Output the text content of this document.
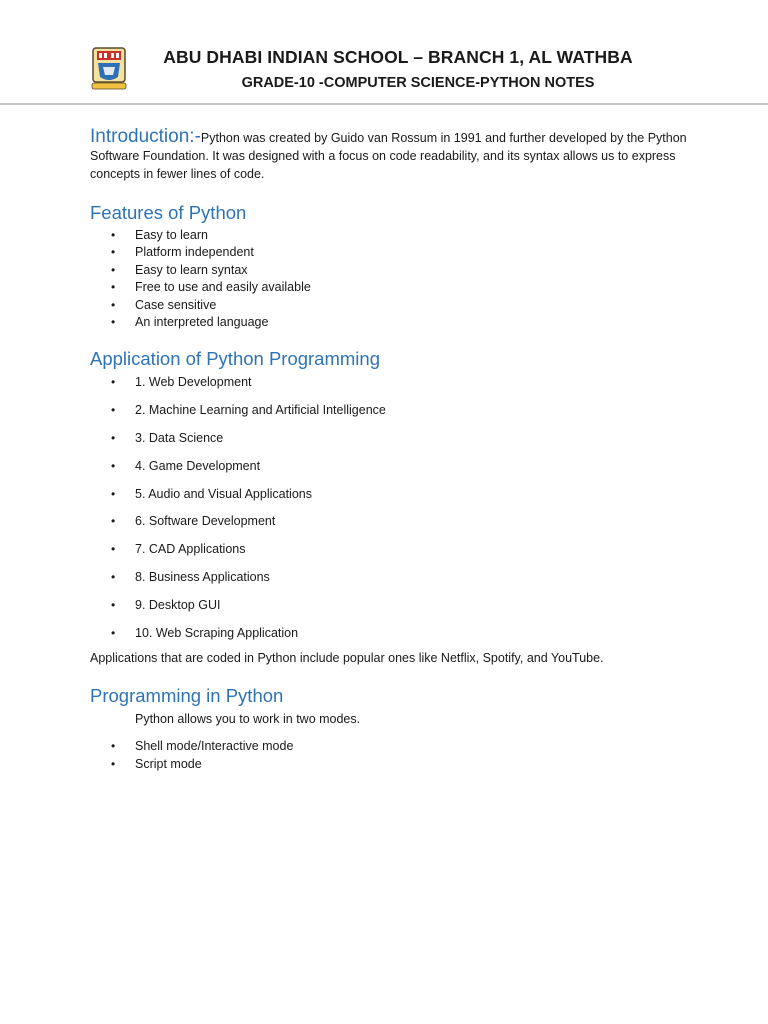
ABU DHABI INDIAN SCHOOL – BRANCH 1, AL WATHBA
GRADE-10 -COMPUTER SCIENCE-PYTHON NOTES

Introduction:-Python was created by Guido van Rossum in 1991 and further developed by the Python Software Foundation. It was designed with a focus on code readability, and its syntax allows us to express concepts in fewer lines of code.

Features of Python
• Easy to learn
• Platform independent
• Easy to learn syntax
• Free to use and easily available
• Case sensitive
• An interpreted language
Application of Python Programming
• 1. Web Development
• 2. Machine Learning and Artificial Intelligence
• 3. Data Science
• 4. Game Development
• 5. Audio and Visual Applications
• 6. Software Development
• 7. CAD Applications
• 8. Business Applications
• 9. Desktop GUI
• 10. Web Scraping Application

Applications that are coded in Python include popular ones like Netflix, Spotify, and YouTube.

Programming in Python

Python allows you to work in two modes.

• Shell mode/Interactive mode
• Script mode
